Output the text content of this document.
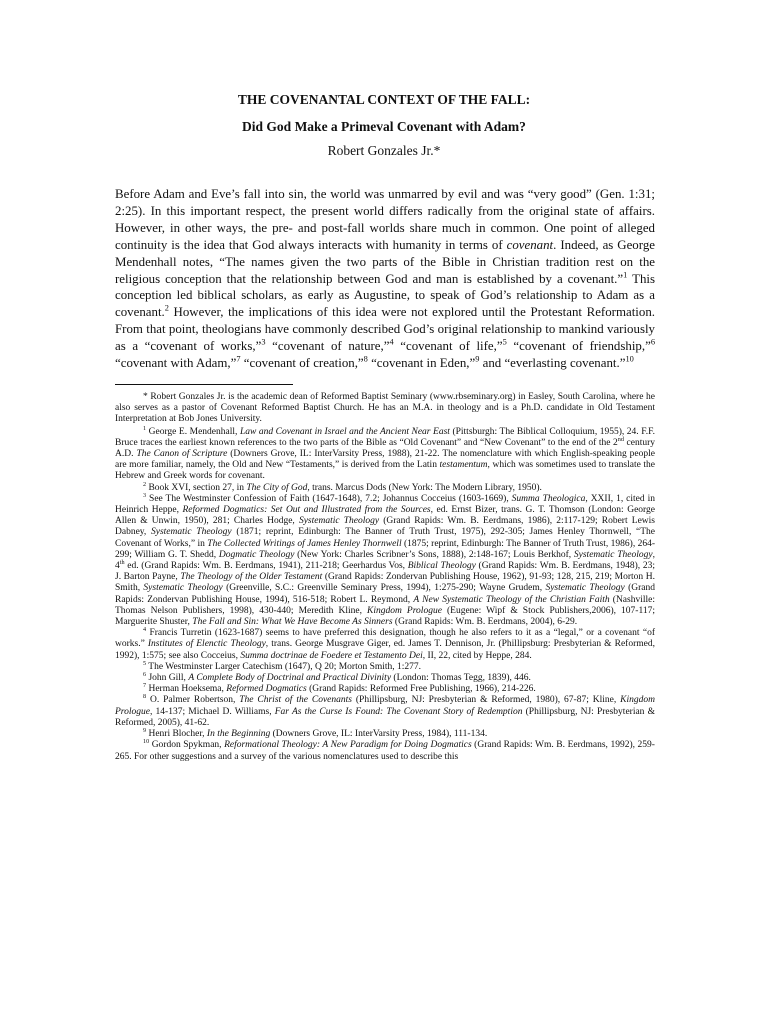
THE COVENANTAL CONTEXT OF THE FALL:

Did God Make a Primeval Covenant with Adam?

Robert Gonzales Jr.*

Before Adam and Eve’s fall into sin, the world was unmarred by evil and was “very good” (Gen. 1:31; 2:25). In this important respect, the present world differs radically from the original state of affairs. However, in other ways, the pre- and post-fall worlds share much in common. One point of alleged continuity is the idea that God always interacts with humanity in terms of covenant. Indeed, as George Mendenhall notes, “The names given the two parts of the Bible in Christian tradition rest on the religious conception that the relationship between God and man is established by a covenant.”$^1$ This conception led biblical scholars, as early as Augustine, to speak of God’s relationship to Adam as a covenant.$^2$ However, the implications of this idea were not explored until the Protestant Reformation. From that point, theologians have commonly described God’s original relationship to mankind variously as a “covenant of works,”$^3$ “covenant of nature,”$^4$ “covenant of life,”$^5$ “covenant of friendship,”$^6$ “covenant with Adam,”$^7$ “covenant of creation,”$^8$ “covenant in Eden,”$^9$ and “everlasting covenant.”$^{10}$

* Robert Gonzales Jr. is the academic dean of Reformed Baptist Seminary (www.rbseminary.org) in Easley, South Carolina, where he also serves as a pastor of Covenant Reformed Baptist Church. He has an M.A. in theology and is a Ph.D. candidate in Old Testament Interpretation at Bob Jones University.

$^1$ George E. Mendenhall, Law and Covenant in Israel and the Ancient Near East (Pittsburgh: The Biblical Colloquium, 1955), 24. F.F. Bruce traces the earliest known references to the two parts of the Bible as “Old Covenant” and “New Covenant” to the end of the 2nd century A.D. The Canon of Scripture (Downers Grove, IL: InterVarsity Press, 1988), 21-22. The nomenclature with which English-speaking people are more familiar, namely, the Old and New “Testaments,” is derived from the Latin testamentum, which was sometimes used to translate the Hebrew and Greek words for covenant.

$^2$ Book XVI, section 27, in The City of God, trans. Marcus Dods (New York: The Modern Library, 1950).

$^3$ See The Westminster Confession of Faith (1647-1648), 7.2; Johannus Cocceius (1603-1669), Summa Theologica, XXII, 1, cited in Heinrich Heppe, Reformed Dogmatics: Set Out and Illustrated from the Sources, ed. Ernst Bizer, trans. G. T. Thomson (London: George Allen & Unwin, 1950), 281; Charles Hodge, Systematic Theology (Grand Rapids: Wm. B. Eerdmans, 1986), 2:117-129; Robert Lewis Dabney, Systematic Theology (1871; reprint, Edinburgh: The Banner of Truth Trust, 1975), 292-305; James Henley Thornwell, “The Covenant of Works,” in The Collected Writings of James Henley Thornwell (1875; reprint, Edinburgh: The Banner of Truth Trust, 1986), 264-299; William G. T. Shedd, Dogmatic Theology (New York: Charles Scribner’s Sons, 1888), 2:148-167; Louis Berkhof, Systematic Theology, 4th ed. (Grand Rapids: Wm. B. Eerdmans, 1941), 211-218; Geerhardus Vos, Biblical Theology (Grand Rapids: Wm. B. Eerdmans, 1948), 23; J. Barton Payne, The Theology of the Older Testament (Grand Rapids: Zondervan Publishing House, 1962), 91-93; 128, 215, 219; Morton H. Smith, Systematic Theology (Greenville, S.C.: Greenville Seminary Press, 1994), 1:275-290; Wayne Grudem, Systematic Theology (Grand Rapids: Zondervan Publishing House, 1994), 516-518; Robert L. Reymond, A New Systematic Theology of the Christian Faith (Nashville: Thomas Nelson Publishers, 1998), 430-440; Meredith Kline, Kingdom Prologue (Eugene: Wipf & Stock Publishers,2006), 107-117; Marguerite Shuster, The Fall and Sin: What We Have Become As Sinners (Grand Rapids: Wm. B. Eerdmans, 2004), 6-29.

$^4$ Francis Turretin (1623-1687) seems to have preferred this designation, though he also refers to it as a “legal,” or a covenant “of works.” Institutes of Elenctic Theology, trans. George Musgrave Giger, ed. James T. Dennison, Jr. (Phillipsburg: Presbyterian & Reformed, 1992), 1:575; see also Cocceius, Summa doctrinae de Foedere et Testamento Dei, II, 22, cited by Heppe, 284.

$^5$ The Westminster Larger Catechism (1647), Q 20; Morton Smith, 1:277.

$^6$ John Gill, A Complete Body of Doctrinal and Practical Divinity (London: Thomas Tegg, 1839), 446.

$^7$ Herman Hoeksema, Reformed Dogmatics (Grand Rapids: Reformed Free Publishing, 1966), 214-226.

$^8$ O. Palmer Robertson, The Christ of the Covenants (Phillipsburg, NJ: Presbyterian & Reformed, 1980), 67-87; Kline, Kingdom Prologue, 14-137; Michael D. Williams, Far As the Curse Is Found: The Covenant Story of Redemption (Phillipsburg, NJ: Presbyterian & Reformed, 2005), 41-62.

$^9$ Henri Blocher, In the Beginning (Downers Grove, IL: InterVarsity Press, 1984), 111-134.

$^{10}$ Gordon Spykman, Reformational Theology: A New Paradigm for Doing Dogmatics (Grand Rapids: Wm. B. Eerdmans, 1992), 259-265. For other suggestions and a survey of the various nomenclatures used to describe this
